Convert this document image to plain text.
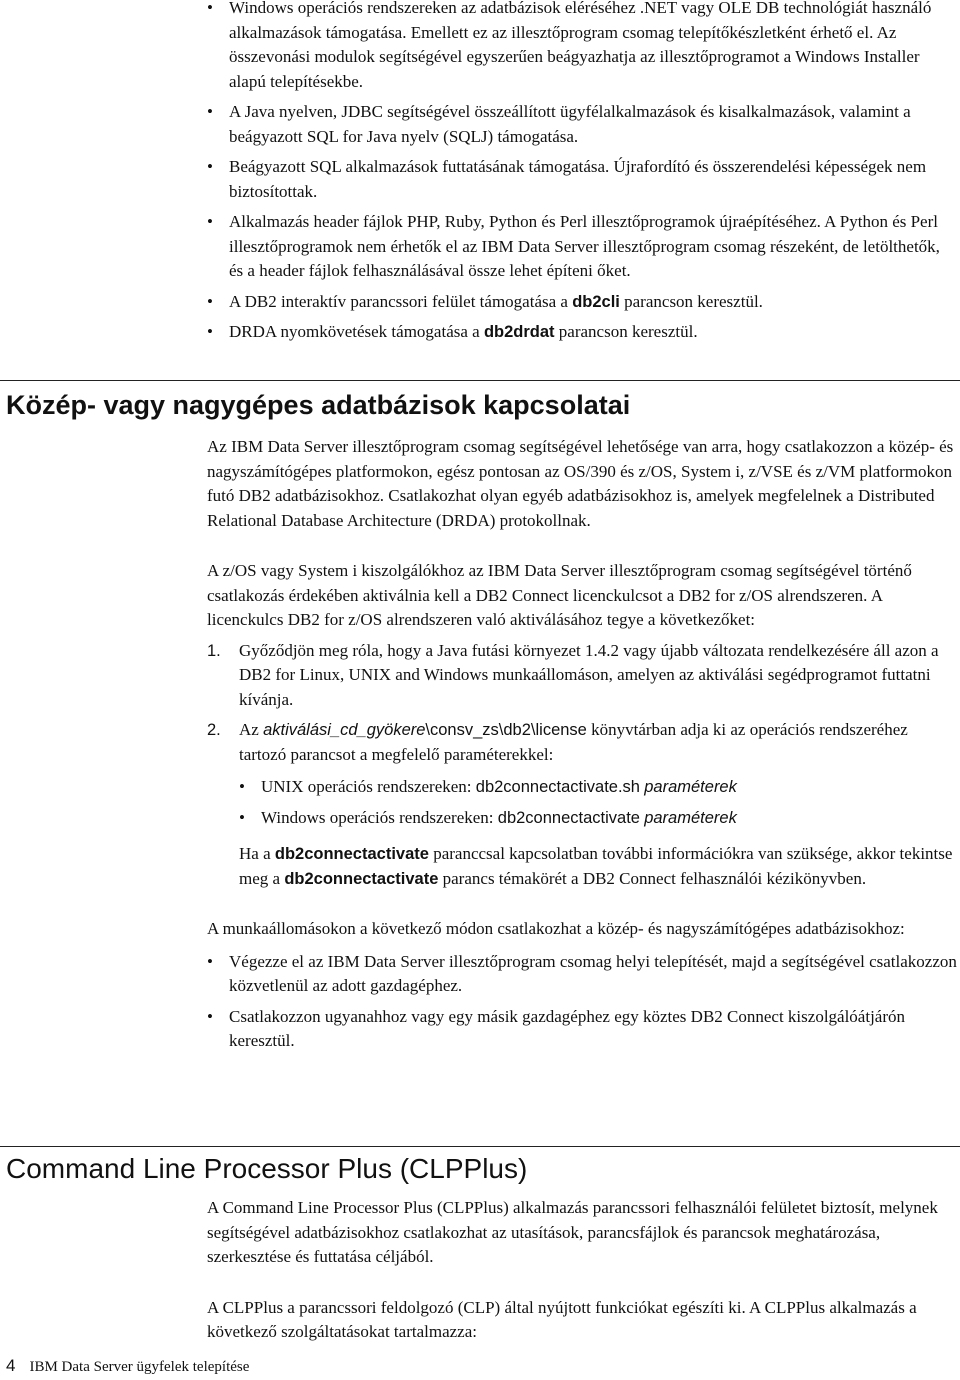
• Windows operációs rendszereken az adatbázisok eléréséhez .NET vagy OLE DB technológiát használó alkalmazások támogatása. Emellett ez az illesztőprogram csomag telepítőkészletként érhető el. Az összevonási modulok segítségével egyszerűen beágyazhatja az illesztőprogramot a Windows Installer alapú telepítésekbe.
• A Java nyelven, JDBC segítségével összeállított ügyfélalkalmazások és kisalkalmazások, valamint a beágyazott SQL for Java nyelv (SQLJ) támogatása.
• Beágyazott SQL alkalmazások futtatásának támogatása. Újrafordító és összerendelési képességek nem biztosítottak.
• Alkalmazás header fájlok PHP, Ruby, Python és Perl illesztőprogramok újraépítéséhez. A Python és Perl illesztőprogramok nem érhetők el az IBM Data Server illesztőprogram csomag részeként, de letölthetők, és a header fájlok felhasználásával össze lehet építeni őket.
• A DB2 interaktív parancssori felület támogatása a db2cli parancson keresztül.
• DRDA nyomkövetések támogatása a db2drdat parancson keresztül.
Közép- vagy nagygépes adatbázisok kapcsolatai

Az IBM Data Server illesztőprogram csomag segítségével lehetősége van arra, hogy csatlakozzon a közép- és nagyszámítógépes platformokon, egész pontosan az OS/390 és z/OS, System i, z/VSE és z/VM platformokon futó DB2 adatbázisokhoz. Csatlakozhat olyan egyéb adatbázisokhoz is, amelyek megfelelnek a Distributed Relational Database Architecture (DRDA) protokollnak.

A z/OS vagy System i kiszolgálókhoz az IBM Data Server illesztőprogram csomag segítségével történő csatlakozás érdekében aktiválnia kell a DB2 Connect licenckulcsot a DB2 for z/OS alrendszeren. A licenckulcs DB2 for z/OS alrendszeren való aktiválásához tegye a következőket:

1. Győződjön meg róla, hogy a Java futási környezet 1.4.2 vagy újabb változata rendelkezésére áll azon a DB2 for Linux, UNIX and Windows munkaállomáson, amelyen az aktiválási segédprogramot futtatni kívánja.
2. Az aktiválási_cd_gyökere\consv_zs\db2\license könyvtárban adja ki az operációs rendszeréhez tartozó parancsot a megfelelő paraméterekkel:
• UNIX operációs rendszereken: db2connectactivate.sh paraméterek
• Windows operációs rendszereken: db2connectactivate paraméterek

Ha a db2connectactivate paranccsal kapcsolatban további információkra van szüksége, akkor tekintse meg a db2connectactivate parancs témakörét a DB2 Connect felhasználói kézikönyvben.

A munkaállomásokon a következő módon csatlakozhat a közép- és nagyszámítógépes adatbázisokhoz:

• Végezze el az IBM Data Server illesztőprogram csomag helyi telepítését, majd a segítségével csatlakozzon közvetlenül az adott gazdagéphez.
• Csatlakozzon ugyanahhoz vagy egy másik gazdagéphez egy köztes DB2 Connect kiszolgálóátjárón keresztül.
Command Line Processor Plus (CLPPlus)

A Command Line Processor Plus (CLPPlus) alkalmazás parancssori felhasználói felületet biztosít, melynek segítségével adatbázisokhoz csatlakozhat az utasítások, parancsfájlok és parancsok meghatározása, szerkesztése és futtatása céljából.

A CLPPlus a parancssori feldolgozó (CLP) által nyújtott funkciókat egészíti ki. A CLPPlus alkalmazás a következő szolgáltatásokat tartalmazza:

4 IBM Data Server ügyfelek telepítése
